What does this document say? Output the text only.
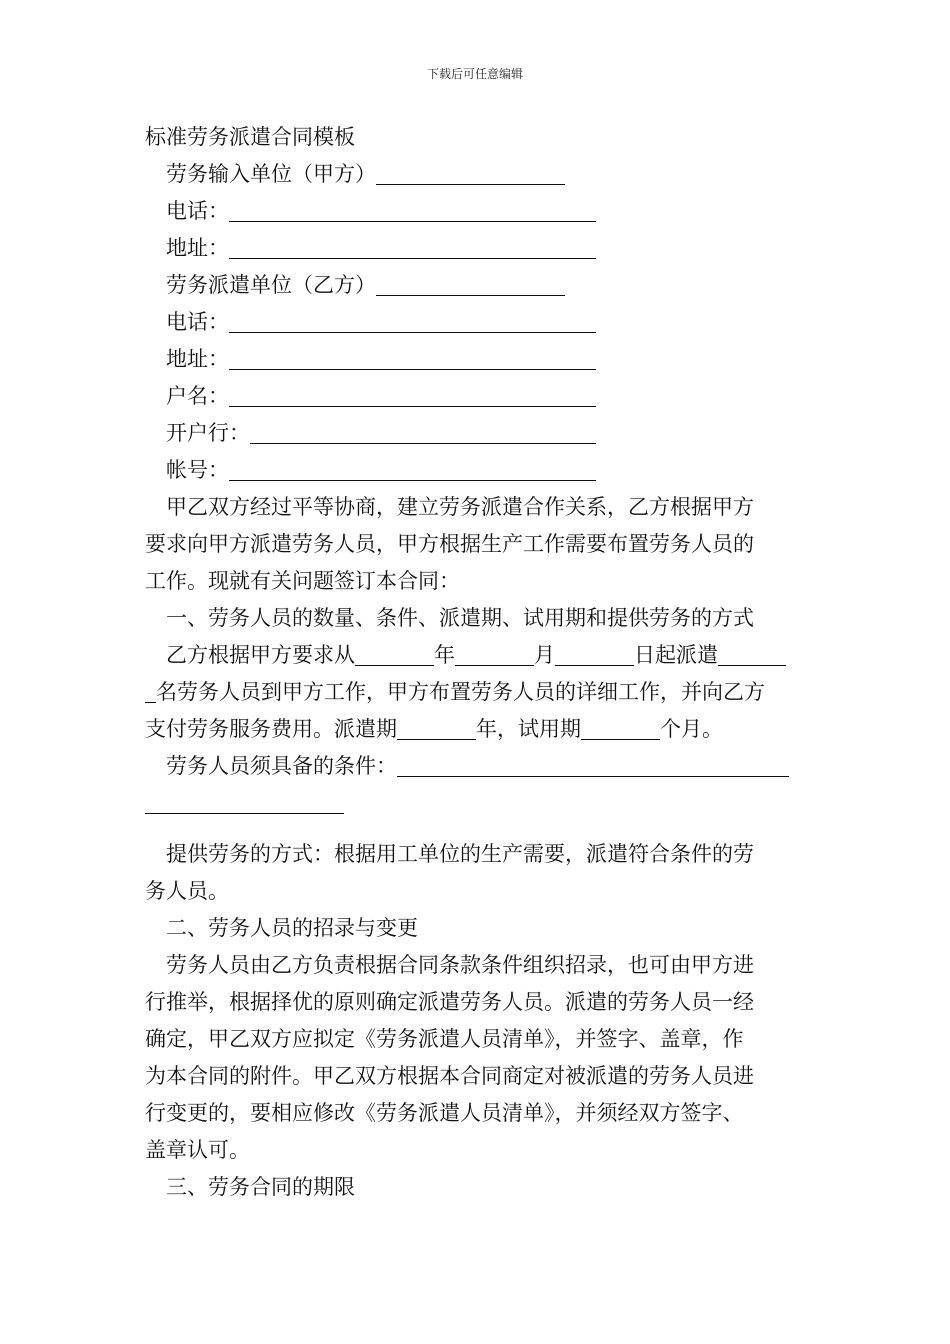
下载后可任意编辑
标准劳务派遣合同模板
劳务输入单位（甲方）
电话：
地址：
劳务派遣单位（乙方）
电话：
地址：
户名：
开户行：
帐号：
甲乙双方经过平等协商，建立劳务派遣合作关系，乙方根据甲方
要求向甲方派遣劳务人员，甲方根据生产工作需要布置劳务人员的
工作。现就有关问题签订本合同：
一、劳务人员的数量、条件、派遣期、试用期和提供劳务的方式
乙方根据甲方要求从	年	月	日起派遣
名劳务人员到甲方工作，甲方布置劳务人员的详细工作，并向乙方
支付劳务服务费用。派遣期	年，试用期	个月。
劳务人员须具备的条件：
提供劳务的方式：根据用工单位的生产需要，派遣符合条件的劳
务人员。
二、劳务人员的招录与变更
劳务人员由乙方负责根据合同条款条件组织招录，也可由甲方进
行推举，根据择优的原则确定派遣劳务人员。派遣的劳务人员一经
确定，甲乙双方应拟定《劳务派遣人员清单》，并签字、盖章，作
为本合同的附件。甲乙双方根据本合同商定对被派遣的劳务人员进
行变更的，要相应修改《劳务派遣人员清单》，并须经双方签字、
盖章认可。
三、劳务合同的期限
